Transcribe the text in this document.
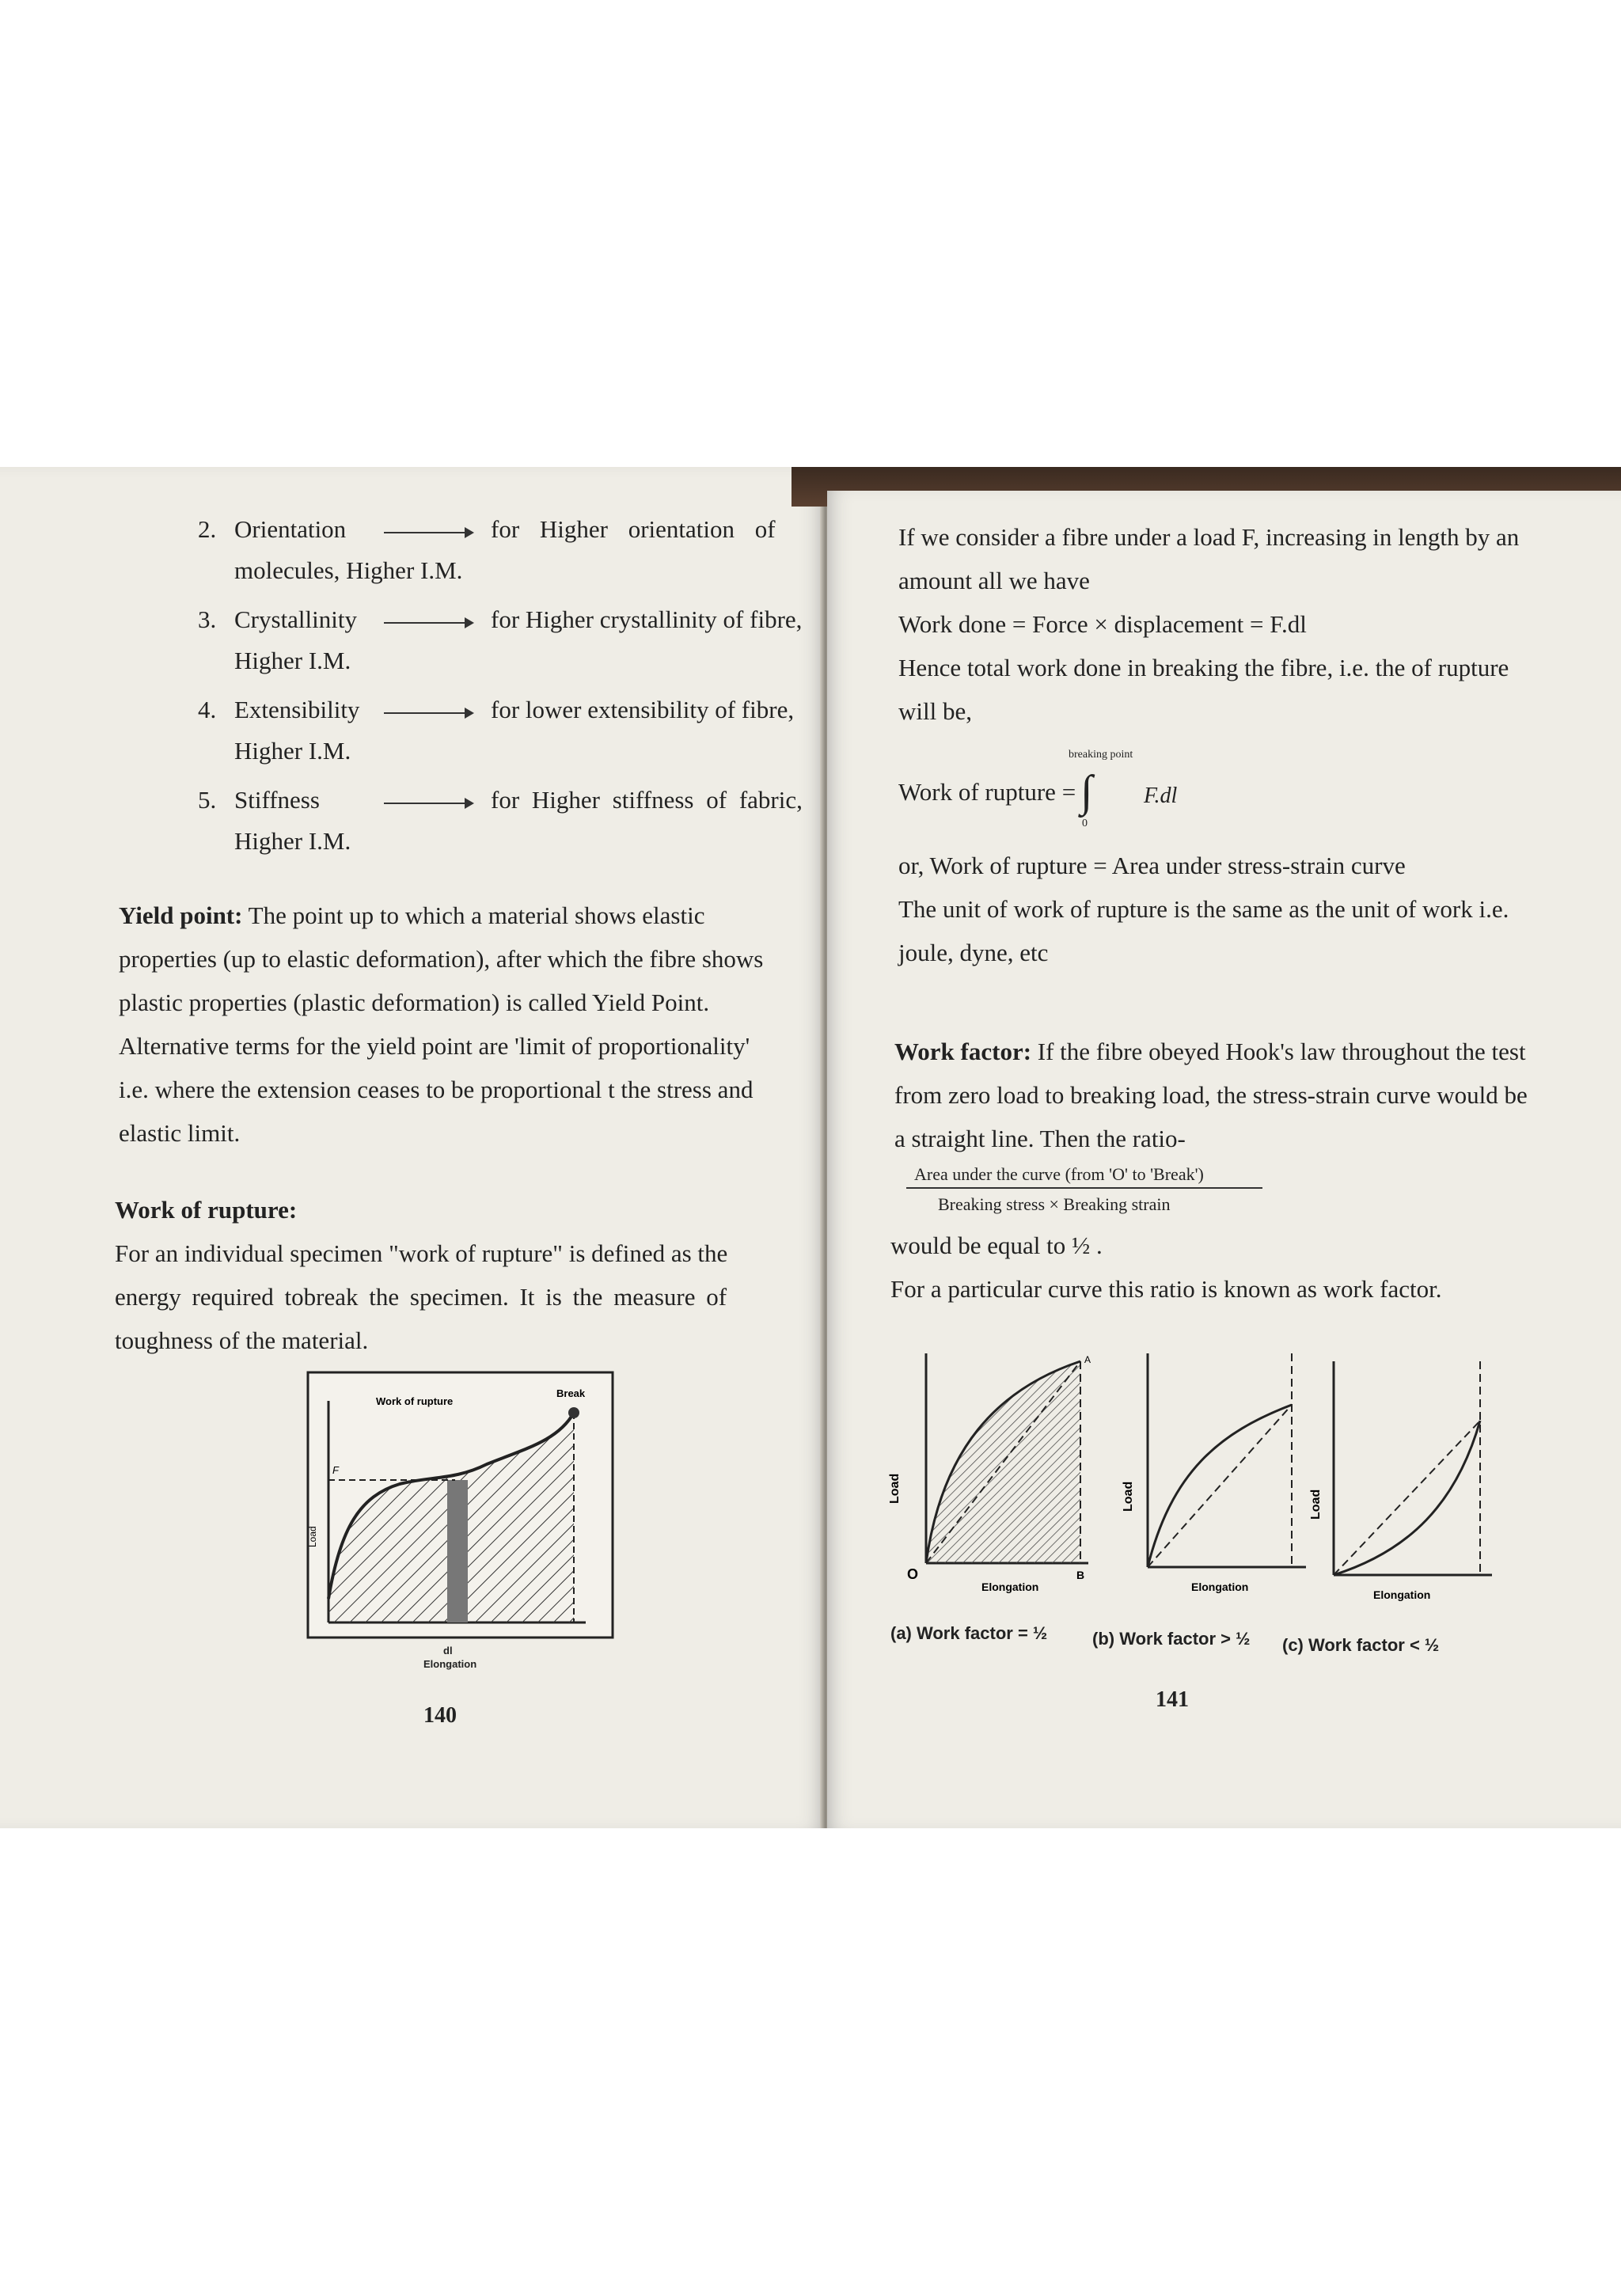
2. Orientation	for Higher orientation of
molecules, Higher I.M.
3. Crystallinity	for Higher crystallinity of fibre,
Higher I.M.
4. Extensibility	for lower extensibility of fibre,
Higher I.M.
5. Stiffness	for Higher stiffness of fabric,
Higher I.M.
Yield point: The point up to which a material shows elastic
properties (up to elastic deformation), after which the fibre shows
plastic properties (plastic deformation) is called Yield Point.
Alternative terms for the yield point are 'limit of proportionality'
i.e. where the extension ceases to be proportional t the stress and
elastic limit.
Work of rupture:
For an individual specimen "work of rupture" is defined as the
energy required tobreak the specimen. It is the measure of
toughness of the material.
Work of rupture
Break
F
Load
dl
Elongation
140
If we consider a fibre under a load F, increasing in length by an
amount all we have
Work done = Force × displacement = F.dl
Hence total work done in breaking the fibre, i.e. the of rupture
will be,
Work of rupture =
breaking point
∫
0
F.dl
or, Work of rupture = Area under stress-strain curve
The unit of work of rupture is the same as the unit of work i.e.
joule, dyne, etc
Work factor: If the fibre obeyed Hook's law throughout the test
from zero load to breaking load, the stress-strain curve would be
a straight line. Then the ratio-
Area under the curve (from 'O' to 'Break')
Breaking stress × Breaking strain
would be equal to ½ .
For a particular curve this ratio is known as work factor.
Load
O	B
A
Elongation
Load
Elongation
Load
Elongation
(a) Work factor = ½	(b) Work factor > ½ (c) Work factor < ½
141
